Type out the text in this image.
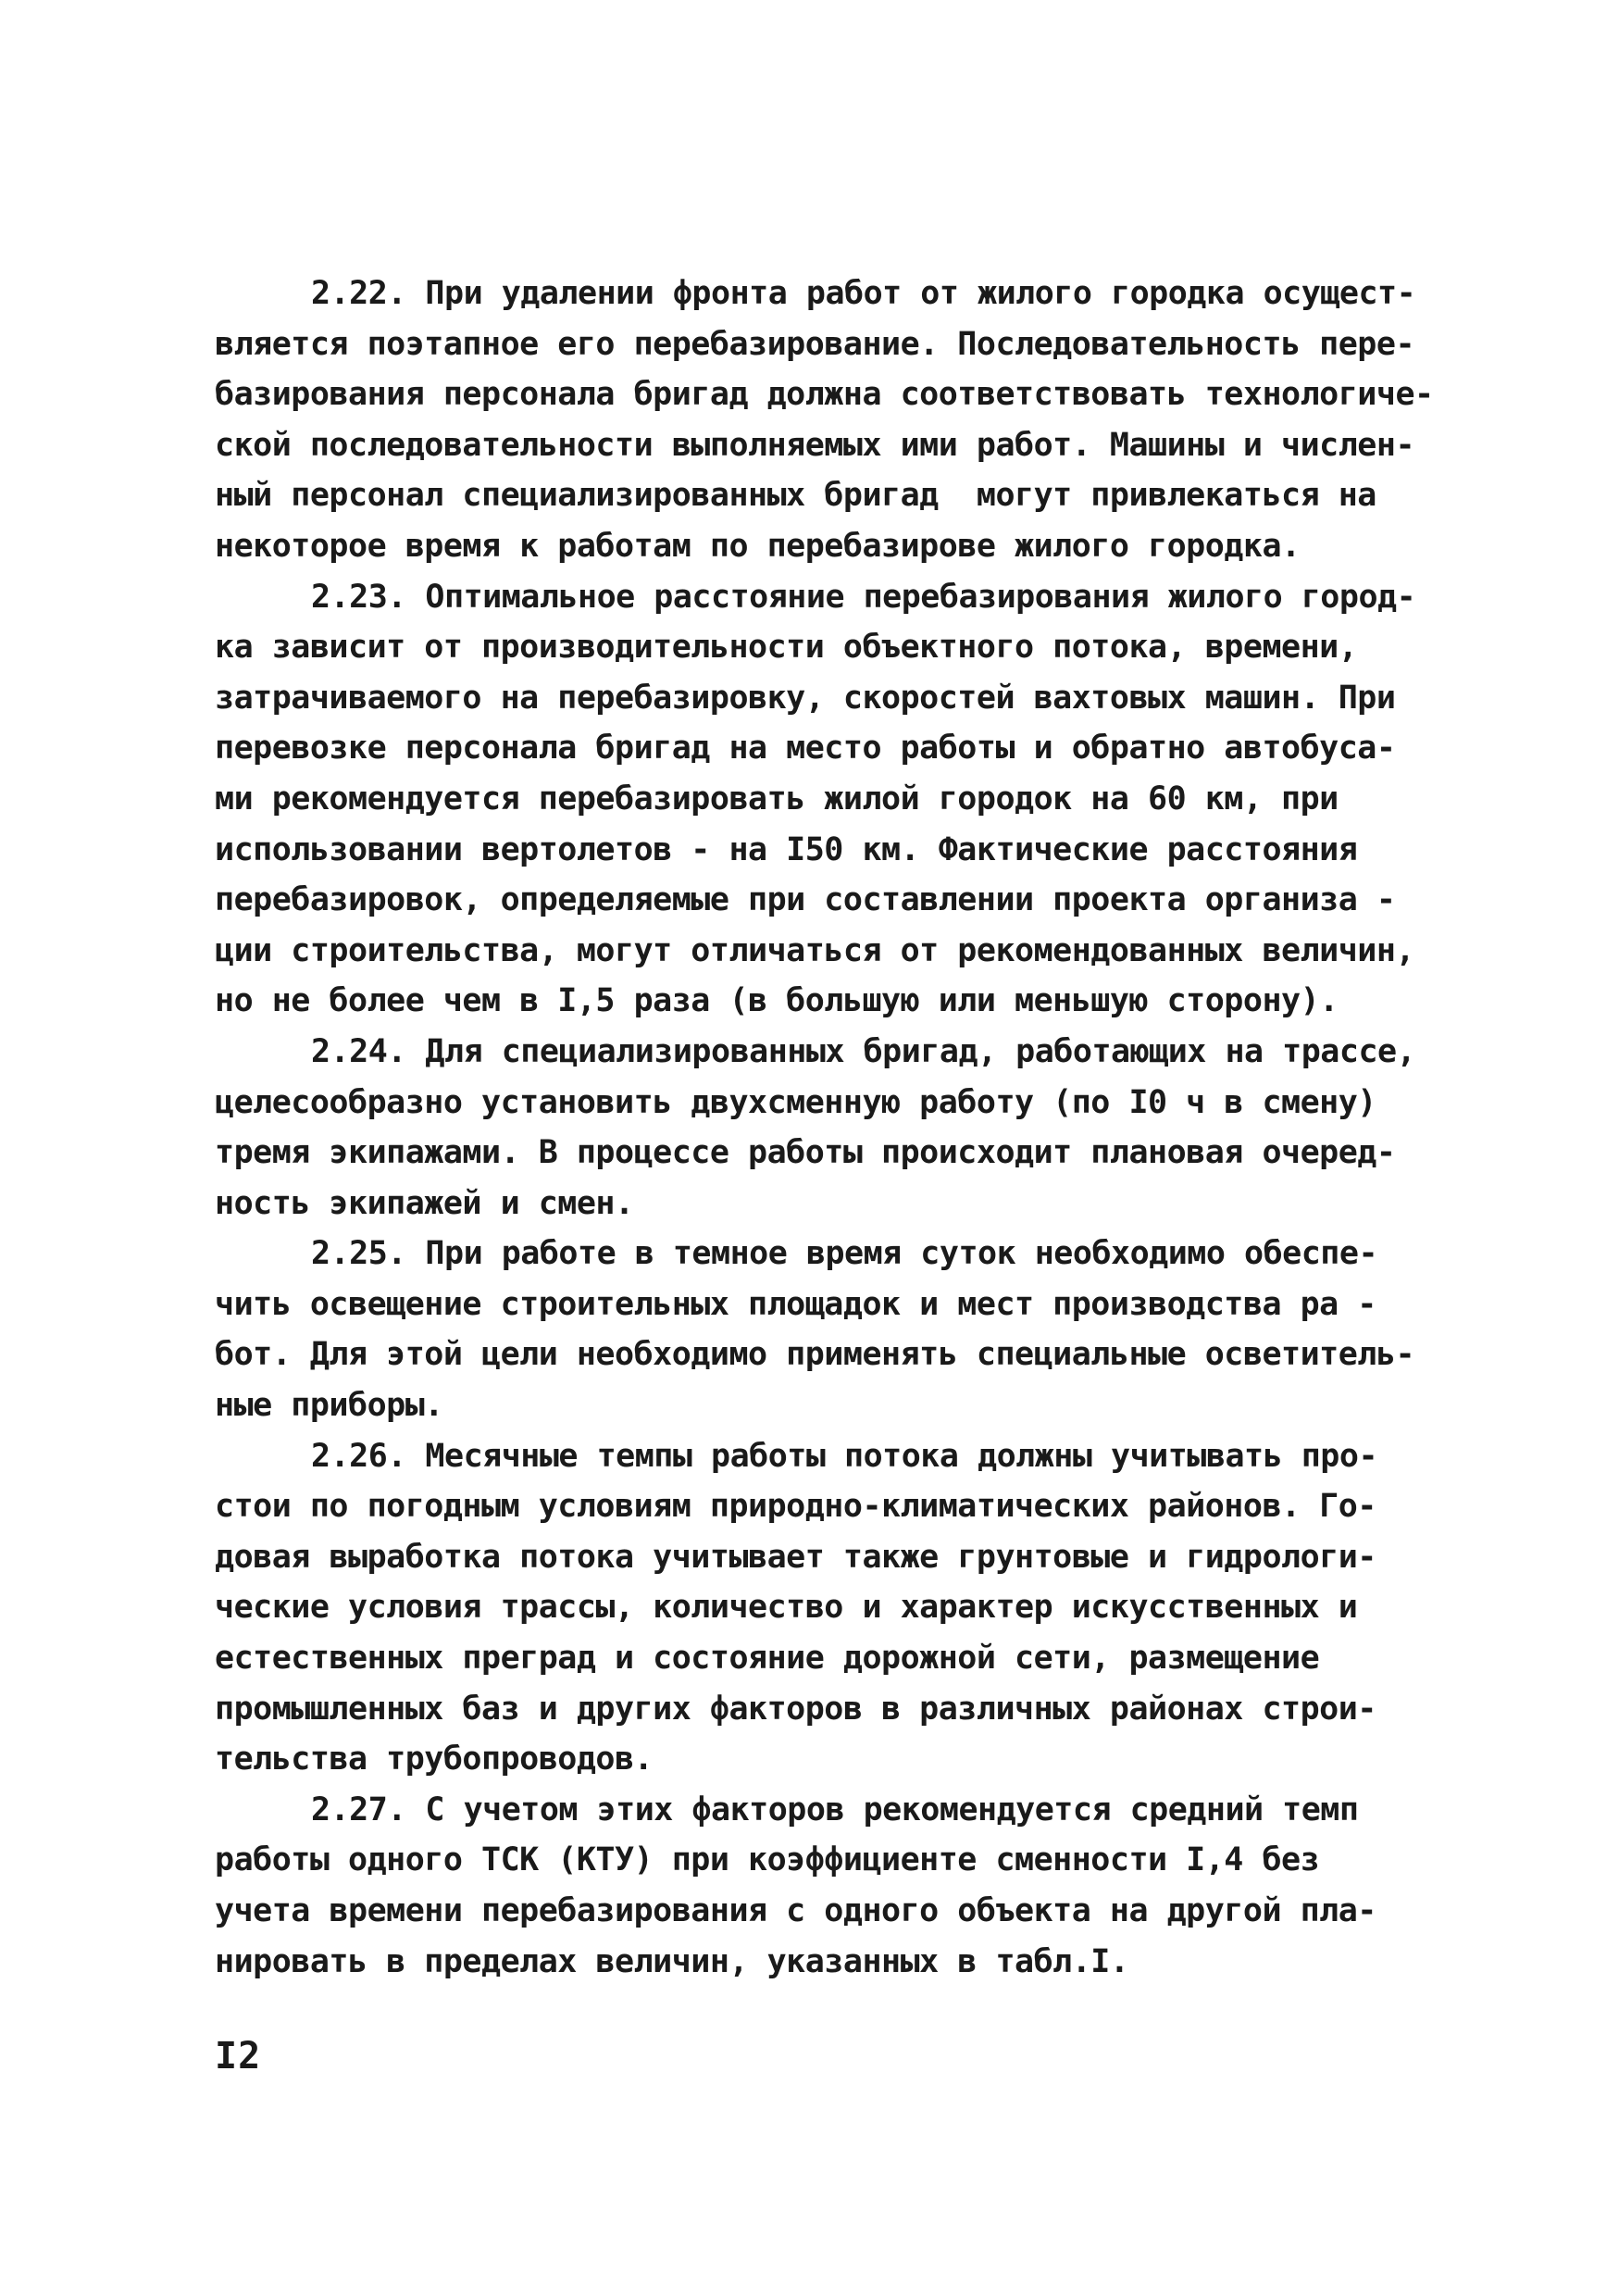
2.22. При удалении фронта работ от жилого городка осущест-
вляется поэтапное его перебазирование. Последовательность пере-
базирования персонала бригад должна соответствовать технологиче-
ской последовательности выполняемых ими работ. Машины и числен-
ный персонал специализированных бригад  могут привлекаться на
некоторое время к работам по перебазирове жилого городка.
2.23. Оптимальное расстояние перебазирования жилого город-
ка зависит от производительности объектного потока, времени,
затрачиваемого на перебазировку, скоростей вахтовых машин. При
перевозке персонала бригад на место работы и обратно автобуса-
ми рекомендуется перебазировать жилой городок на 60 км, при
использовании вертолетов - на I50 км. Фактические расстояния
перебазировок, определяемые при составлении проекта организа -
ции строительства, могут отличаться от рекомендованных величин,
но не более чем в I,5 раза (в большую или меньшую сторону).
2.24. Для специализированных бригад, работающих на трассе,
целесообразно установить двухсменную работу (по I0 ч в смену)
тремя экипажами. В процессе работы происходит плановая очеред-
ность экипажей и смен.
2.25. При работе в темное время суток необходимо обеспе-
чить освещение строительных площадок и мест производства ра -
бот. Для этой цели необходимо применять специальные осветитель-
ные приборы.
2.26. Месячные темпы работы потока должны учитывать про-
стои по погодным условиям природно-климатических районов. Го-
довая выработка потока учитывает также грунтовые и гидрологи-
ческие условия трассы, количество и характер искусственных и
естественных преград и состояние дорожной сети, размещение
промышленных баз и других факторов в различных районах строи-
тельства трубопроводов.
2.27. С учетом этих факторов рекомендуется средний темп
работы одного ТСК (КТУ) при коэффициенте сменности I,4 без
учета времени перебазирования с одного объекта на другой пла-
нировать в пределах величин, указанных в табл.I.
I2
